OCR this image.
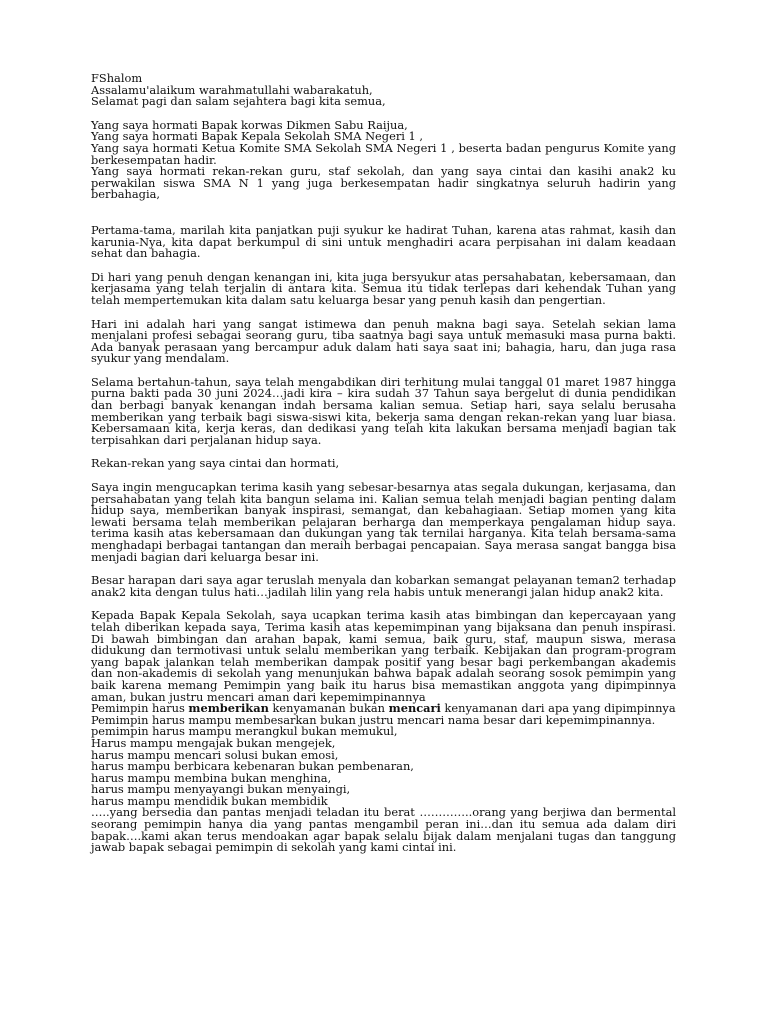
FShalom

Assalamu'alaikum warahmatullahi wabarakatuh,

Selamat pagi dan salam sejahtera bagi kita semua,

Yang saya hormati Bapak korwas Dikmen Sabu Raijua,

Yang saya hormati Bapak Kepala Sekolah SMA Negeri 1 ,

Yang saya hormati Ketua Komite SMA Sekolah SMA Negeri 1 , beserta badan pengurus Komite yang berkesempatan hadir.

Yang saya hormati rekan-rekan guru, staf sekolah, dan yang saya cintai dan kasihi anak2 ku perwakilan siswa SMA N 1 yang juga berkesempatan hadir singkatnya seluruh hadirin yang berbahagia,

Pertama-tama, marilah kita panjatkan puji syukur ke hadirat Tuhan, karena atas rahmat, kasih dan karunia-Nya, kita dapat berkumpul di sini untuk menghadiri acara perpisahan ini dalam keadaan sehat dan bahagia.

Di hari yang penuh dengan kenangan ini, kita juga bersyukur atas persahabatan, kebersamaan, dan kerjasama yang telah terjalin di antara kita. Semua itu tidak terlepas dari kehendak Tuhan yang telah mempertemukan kita dalam satu keluarga besar yang penuh kasih dan pengertian.

Hari ini adalah hari yang sangat istimewa dan penuh makna bagi saya. Setelah sekian lama menjalani profesi sebagai seorang guru, tiba saatnya bagi saya untuk memasuki masa purna bakti. Ada banyak perasaan yang bercampur aduk dalam hati saya saat ini; bahagia, haru, dan juga rasa syukur yang mendalam.

Selama bertahun-tahun, saya telah mengabdikan diri terhitung mulai tanggal 01 maret 1987 hingga purna bakti pada 30 juni 2024…jadi kira – kira sudah 37 Tahun saya bergelut di dunia pendidikan dan berbagi banyak kenangan indah bersama kalian semua. Setiap hari, saya selalu berusaha memberikan yang terbaik bagi siswa-siswi kita, bekerja sama dengan rekan-rekan yang luar biasa. Kebersamaan kita, kerja keras, dan dedikasi yang telah kita lakukan bersama menjadi bagian tak terpisahkan dari perjalanan hidup saya.

Rekan-rekan yang saya cintai dan hormati,

Saya ingin mengucapkan terima kasih yang sebesar-besarnya atas segala dukungan, kerjasama, dan persahabatan yang telah kita bangun selama ini. Kalian semua telah menjadi bagian penting dalam hidup saya, memberikan banyak inspirasi, semangat, dan kebahagiaan. Setiap momen yang kita lewati bersama telah memberikan pelajaran berharga dan memperkaya pengalaman hidup saya. terima kasih atas kebersamaan dan dukungan yang tak ternilai harganya. Kita telah bersama-sama menghadapi berbagai tantangan dan meraih berbagai pencapaian. Saya merasa sangat bangga bisa menjadi bagian dari keluarga besar ini.

Besar harapan dari saya agar teruslah menyala dan kobarkan semangat pelayanan teman2 terhadap anak2 kita dengan tulus hati…jadilah lilin yang rela habis untuk menerangi jalan hidup anak2 kita.

Kepada Bapak Kepala Sekolah, saya ucapkan terima kasih atas bimbingan dan kepercayaan yang telah diberikan kepada saya, Terima kasih atas kepemimpinan yang bijaksana dan penuh inspirasi. Di bawah bimbingan dan arahan bapak, kami semua, baik guru, staf, maupun siswa, merasa didukung dan termotivasi untuk selalu memberikan yang terbaik. Kebijakan dan program-program yang bapak jalankan telah memberikan dampak positif yang besar bagi perkembangan akademis dan non-akademis di sekolah yang menunjukan bahwa bapak adalah seorang sosok pemimpin yang baik karena memang Pemimpin yang baik itu harus bisa memastikan anggota yang dipimpinnya aman, bukan justru mencari aman dari kepemimpinannya

Pemimpin harus memberikan kenyamanan bukan mencari kenyamanan dari apa yang dipimpinnya

Pemimpin harus mampu membesarkan bukan justru mencari nama besar dari kepemimpinannya.

pemimpin harus mampu merangkul bukan memukul,

Harus mampu mengajak bukan mengejek,

harus mampu mencari solusi bukan emosi,

harus mampu berbicara kebenaran bukan pembenaran,

harus mampu membina bukan menghina,

harus mampu menyayangi bukan menyaingi,

harus mampu mendidik bukan membidik

…..yang bersedia dan pantas menjadi teladan itu berat …………..orang yang berjiwa dan bermental seorang pemimpin hanya dia yang pantas mengambil peran ini…dan itu semua ada dalam diri bapak….kami akan terus mendoakan agar bapak selalu bijak dalam menjalani tugas dan tanggung jawab bapak sebagai pemimpin di sekolah yang kami cintai ini.
